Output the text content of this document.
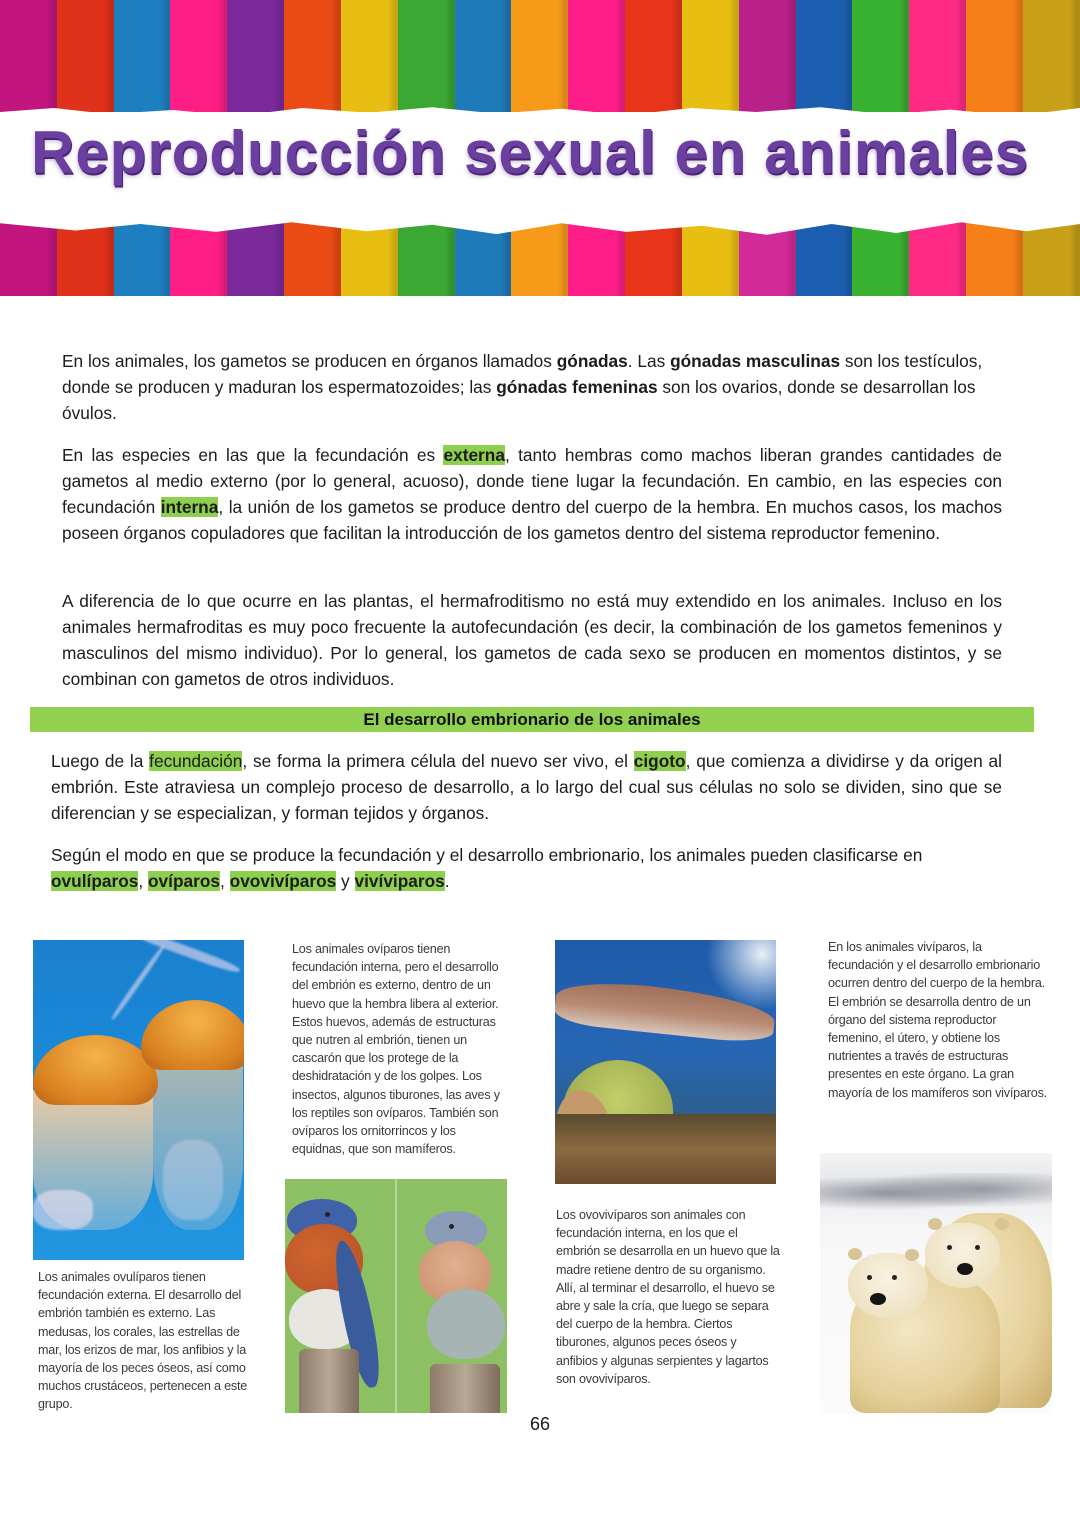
Reproducción sexual en animales

En los animales, los gametos se producen en órganos llamados gónadas. Las gónadas masculinas son los testículos, donde se producen y maduran los espermatozoides; las gónadas femeninas son los ovarios, donde se desarrollan los óvulos.

En las especies en las que la fecundación es externa, tanto hembras como machos liberan grandes cantidades de gametos al medio externo (por lo general, acuoso), donde tiene lugar la fecundación. En cambio, en las especies con fecundación interna, la unión de los gametos se produce dentro del cuerpo de la hembra. En muchos casos, los machos poseen órganos copuladores que facilitan la introducción de los gametos dentro del sistema reproductor femenino.

A diferencia de lo que ocurre en las plantas, el hermafroditismo no está muy extendido en los animales. Incluso en los animales hermafroditas es muy poco frecuente la autofecundación (es decir, la combinación de los gametos femeninos y masculinos del mismo individuo). Por lo general, los gametos de cada sexo se producen en momentos distintos, y se combinan con gametos de otros individuos.

El desarrollo embrionario de los animales

Luego de la fecundación, se forma la primera célula del nuevo ser vivo, el cigoto, que comienza a dividirse y da origen al embrión. Este atraviesa un complejo proceso de desarrollo, a lo largo del cual sus células no solo se dividen, sino que se diferencian y se especializan, y forman tejidos y órganos.

Según el modo en que se produce la fecundación y el desarrollo embrionario, los animales pueden clasificarse en ovulíparos, ovíparos, ovovivíparos y vivíviparos.

Los animales ovulíparos tienen fecundación externa. El desarrollo del embrión también es externo. Las medusas, los corales, las estrellas de mar, los erizos de mar, los anfibios y la mayoría de los peces óseos, así como muchos crustáceos, pertenecen a este grupo.

Los animales ovíparos tienen fecundación interna, pero el desarrollo del embrión es externo, dentro de un huevo que la hembra libera al exterior. Estos huevos, además de estructuras que nutren al embrión, tienen un cascarón que los protege de la deshidratación y de los golpes. Los insectos, algunos tiburones, las aves y los reptiles son ovíparos. También son ovíparos los ornitorrincos y los equidnas, que son mamíferos.

Los ovovivíparos son animales con fecundación interna, en los que el embrión se desarrolla en un huevo que la madre retiene dentro de su organismo. Allí, al terminar el desarrollo, el huevo se abre y sale la cría, que luego se separa del cuerpo de la hembra. Ciertos tiburones, algunos peces óseos y anfibios y algunas serpientes y lagartos son ovovivíparos.

En los animales vivíparos, la fecundación y el desarrollo embrionario ocurren dentro del cuerpo de la hembra. El embrión se desarrolla dentro de un órgano del sistema reproductor femenino, el útero, y obtiene los nutrientes a través de estructuras presentes en este órgano. La gran mayoría de los mamíferos son vivíparos.

66
